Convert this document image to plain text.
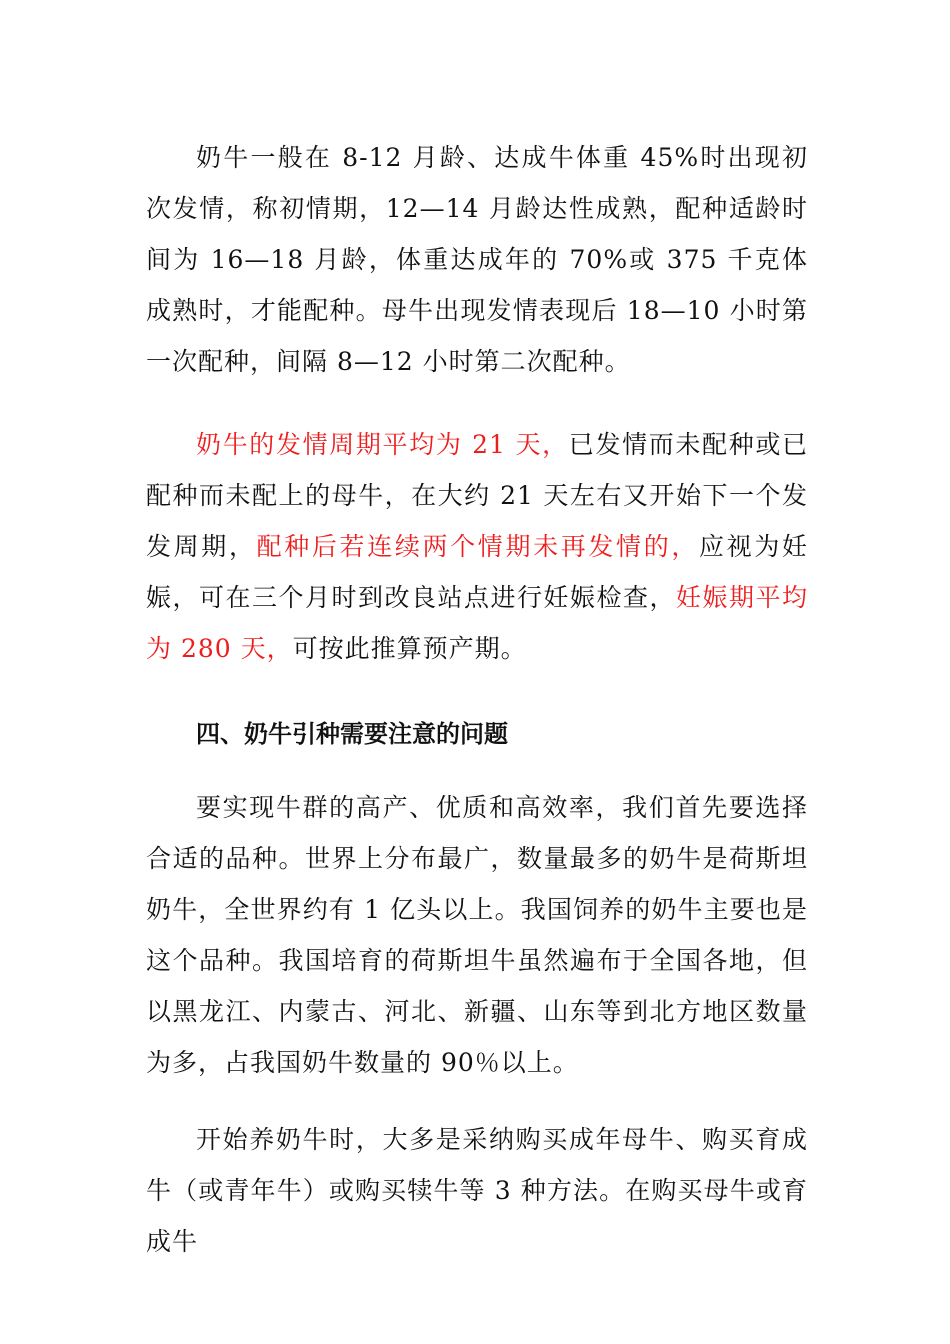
奶牛一般在 8-12 月龄、达成牛体重 45%时出现初次发情，称初情期，12—14 月龄达性成熟，配种适龄时间为 16—18 月龄，体重达成年的 70%或 375 千克体成熟时，才能配种。母牛出现发情表现后 18—10 小时第一次配种，间隔 8—12 小时第二次配种。

奶牛的发情周期平均为 21 天，已发情而未配种或已配种而未配上的母牛，在大约 21 天左右又开始下一个发发周期，配种后若连续两个情期未再发情的，应视为妊娠，可在三个月时到改良站点进行妊娠检查，妊娠期平均为 280 天，可按此推算预产期。

四、奶牛引种需要注意的问题

要实现牛群的高产、优质和高效率，我们首先要选择合适的品种。世界上分布最广，数量最多的奶牛是荷斯坦奶牛，全世界约有 1 亿头以上。我国饲养的奶牛主要也是这个品种。我国培育的荷斯坦牛虽然遍布于全国各地，但以黑龙江、内蒙古、河北、新疆、山东等到北方地区数量为多，占我国奶牛数量的 90％以上。

开始养奶牛时，大多是采纳购买成年母牛、购买育成牛（或青年牛）或购买犊牛等 3 种方法。在购买母牛或育成牛
